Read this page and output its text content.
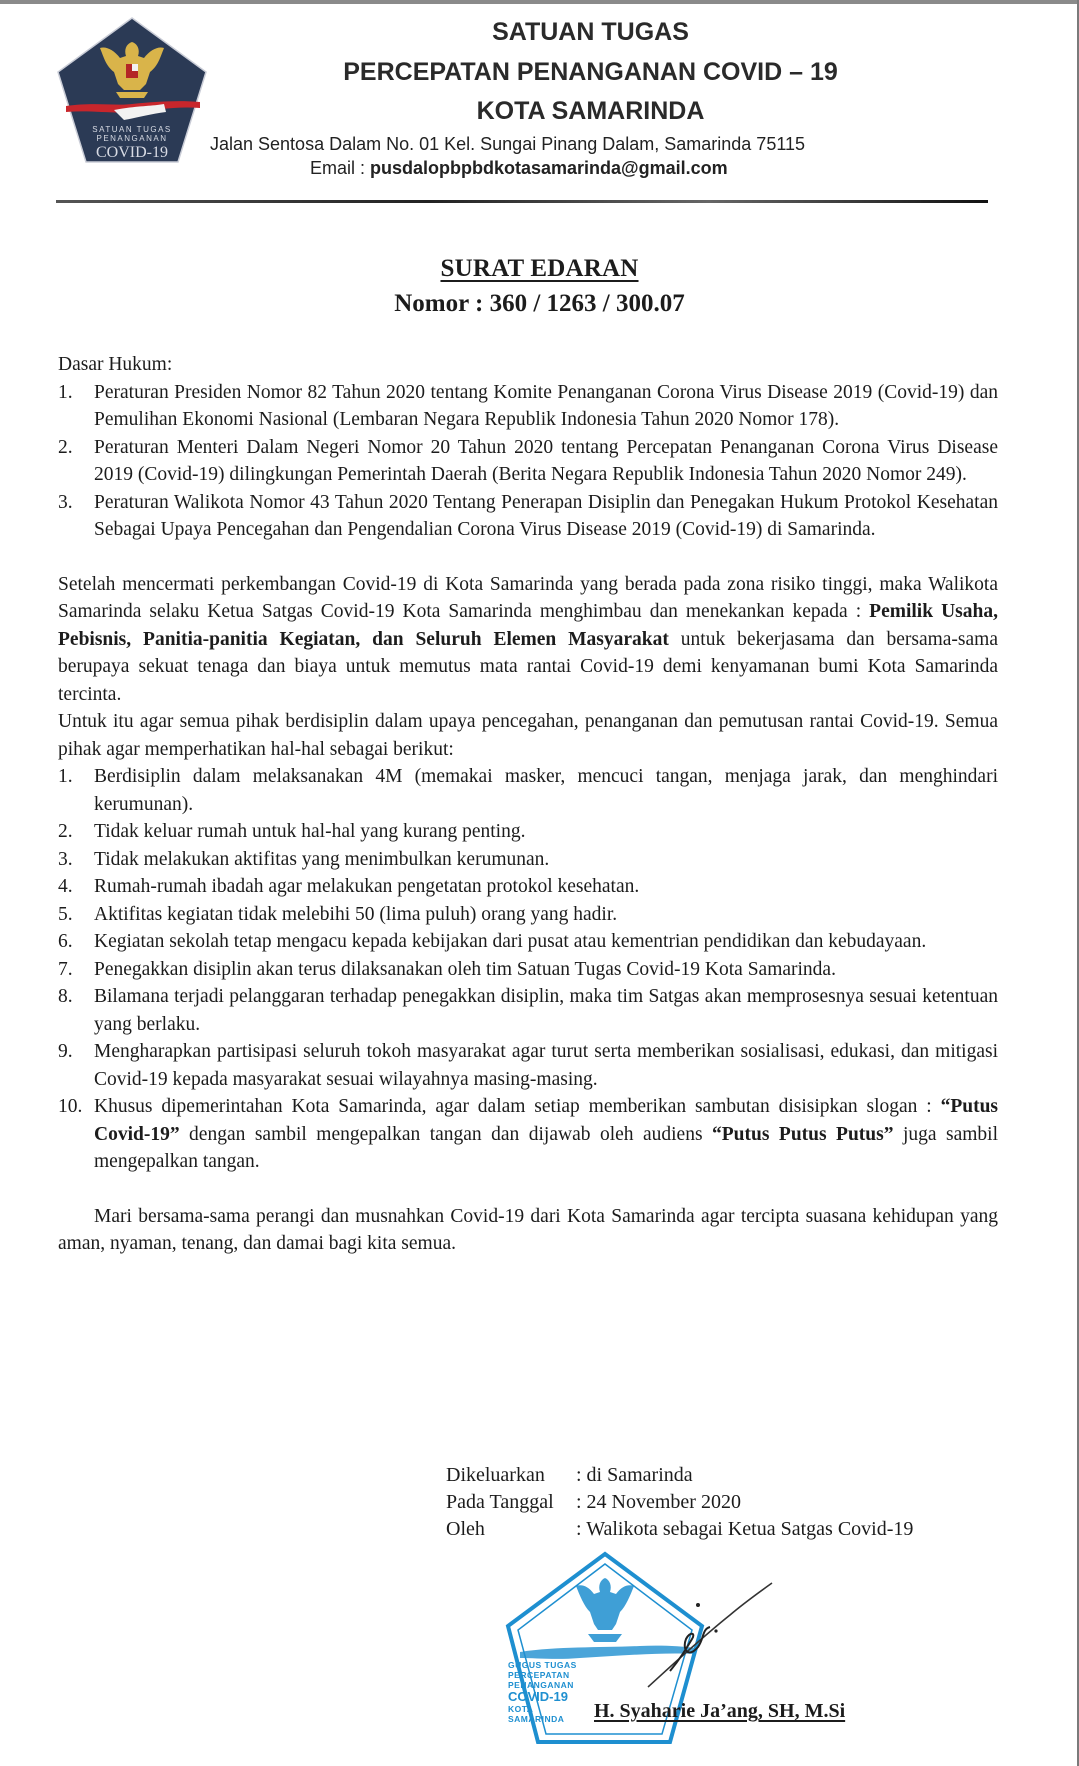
SATUAN TUGAS
PENANGANAN
COVID-19
SATUAN TUGAS
PERCEPATAN PENANGANAN COVID – 19
KOTA SAMARINDA
Jalan Sentosa Dalam No. 01 Kel. Sungai Pinang Dalam, Samarinda 75115
Email : pusdalopbpbdkotasamarinda@gmail.com
SURAT EDARAN
Nomor : 360 / 1263 / 300.07
Dasar Hukum:
1. Peraturan Presiden Nomor 82 Tahun 2020 tentang Komite Penanganan Corona Virus Disease 2019 (Covid-19) dan Pemulihan Ekonomi Nasional (Lembaran Negara Republik Indonesia Tahun 2020 Nomor 178).
2. Peraturan Menteri Dalam Negeri Nomor 20 Tahun 2020 tentang Percepatan Penanganan Corona Virus Disease 2019 (Covid-19) dilingkungan Pemerintah Daerah (Berita Negara Republik Indonesia Tahun 2020 Nomor 249).
3. Peraturan Walikota Nomor 43 Tahun 2020 Tentang Penerapan Disiplin dan Penegakan Hukum Protokol Kesehatan Sebagai Upaya Pencegahan dan Pengendalian Corona Virus Disease 2019 (Covid-19) di Samarinda.
Setelah mencermati perkembangan Covid-19 di Kota Samarinda yang berada pada zona risiko tinggi, maka Walikota Samarinda selaku Ketua Satgas Covid-19 Kota Samarinda menghimbau dan menekankan kepada : Pemilik Usaha, Pebisnis, Panitia-panitia Kegiatan, dan Seluruh Elemen Masyarakat untuk bekerjasama dan bersama-sama berupaya sekuat tenaga dan biaya untuk memutus mata rantai Covid-19 demi kenyamanan bumi Kota Samarinda tercinta.
Untuk itu agar semua pihak berdisiplin dalam upaya pencegahan, penanganan dan pemutusan rantai Covid-19. Semua pihak agar memperhatikan hal-hal sebagai berikut:
1. Berdisiplin dalam melaksanakan 4M (memakai masker, mencuci tangan, menjaga jarak, dan menghindari kerumunan).
2. Tidak keluar rumah untuk hal-hal yang kurang penting.
3. Tidak melakukan aktifitas yang menimbulkan kerumunan.
4. Rumah-rumah ibadah agar melakukan pengetatan protokol kesehatan.
5. Aktifitas kegiatan tidak melebihi 50 (lima puluh) orang yang hadir.
6. Kegiatan sekolah tetap mengacu kepada kebijakan dari pusat atau kementrian pendidikan dan kebudayaan.
7. Penegakkan disiplin akan terus dilaksanakan oleh tim Satuan Tugas Covid-19 Kota Samarinda.
8. Bilamana terjadi pelanggaran terhadap penegakkan disiplin, maka tim Satgas akan memprosesnya sesuai ketentuan yang berlaku.
9. Mengharapkan partisipasi seluruh tokoh masyarakat agar turut serta memberikan sosialisasi, edukasi, dan mitigasi Covid-19 kepada masyarakat sesuai wilayahnya masing-masing.
10. Khusus dipemerintahan Kota Samarinda, agar dalam setiap memberikan sambutan disisipkan slogan : “Putus Covid-19” dengan sambil mengepalkan tangan dan dijawab oleh audiens “Putus Putus Putus” juga sambil mengepalkan tangan.
Mari bersama-sama perangi dan musnahkan Covid-19 dari Kota Samarinda agar tercipta suasana kehidupan yang aman, nyaman, tenang, dan damai bagi kita semua.
GUGUS TUGAS
PERCEPATAN
PENANGANAN
COVID-19
KOTA SAMARINDA
Dikeluarkan	: di Samarinda
Pada Tanggal	: 24 November 2020
Oleh	: Walikota sebagai Ketua Satgas Covid-19
H. Syaharie Ja’ang, SH, M.Si
